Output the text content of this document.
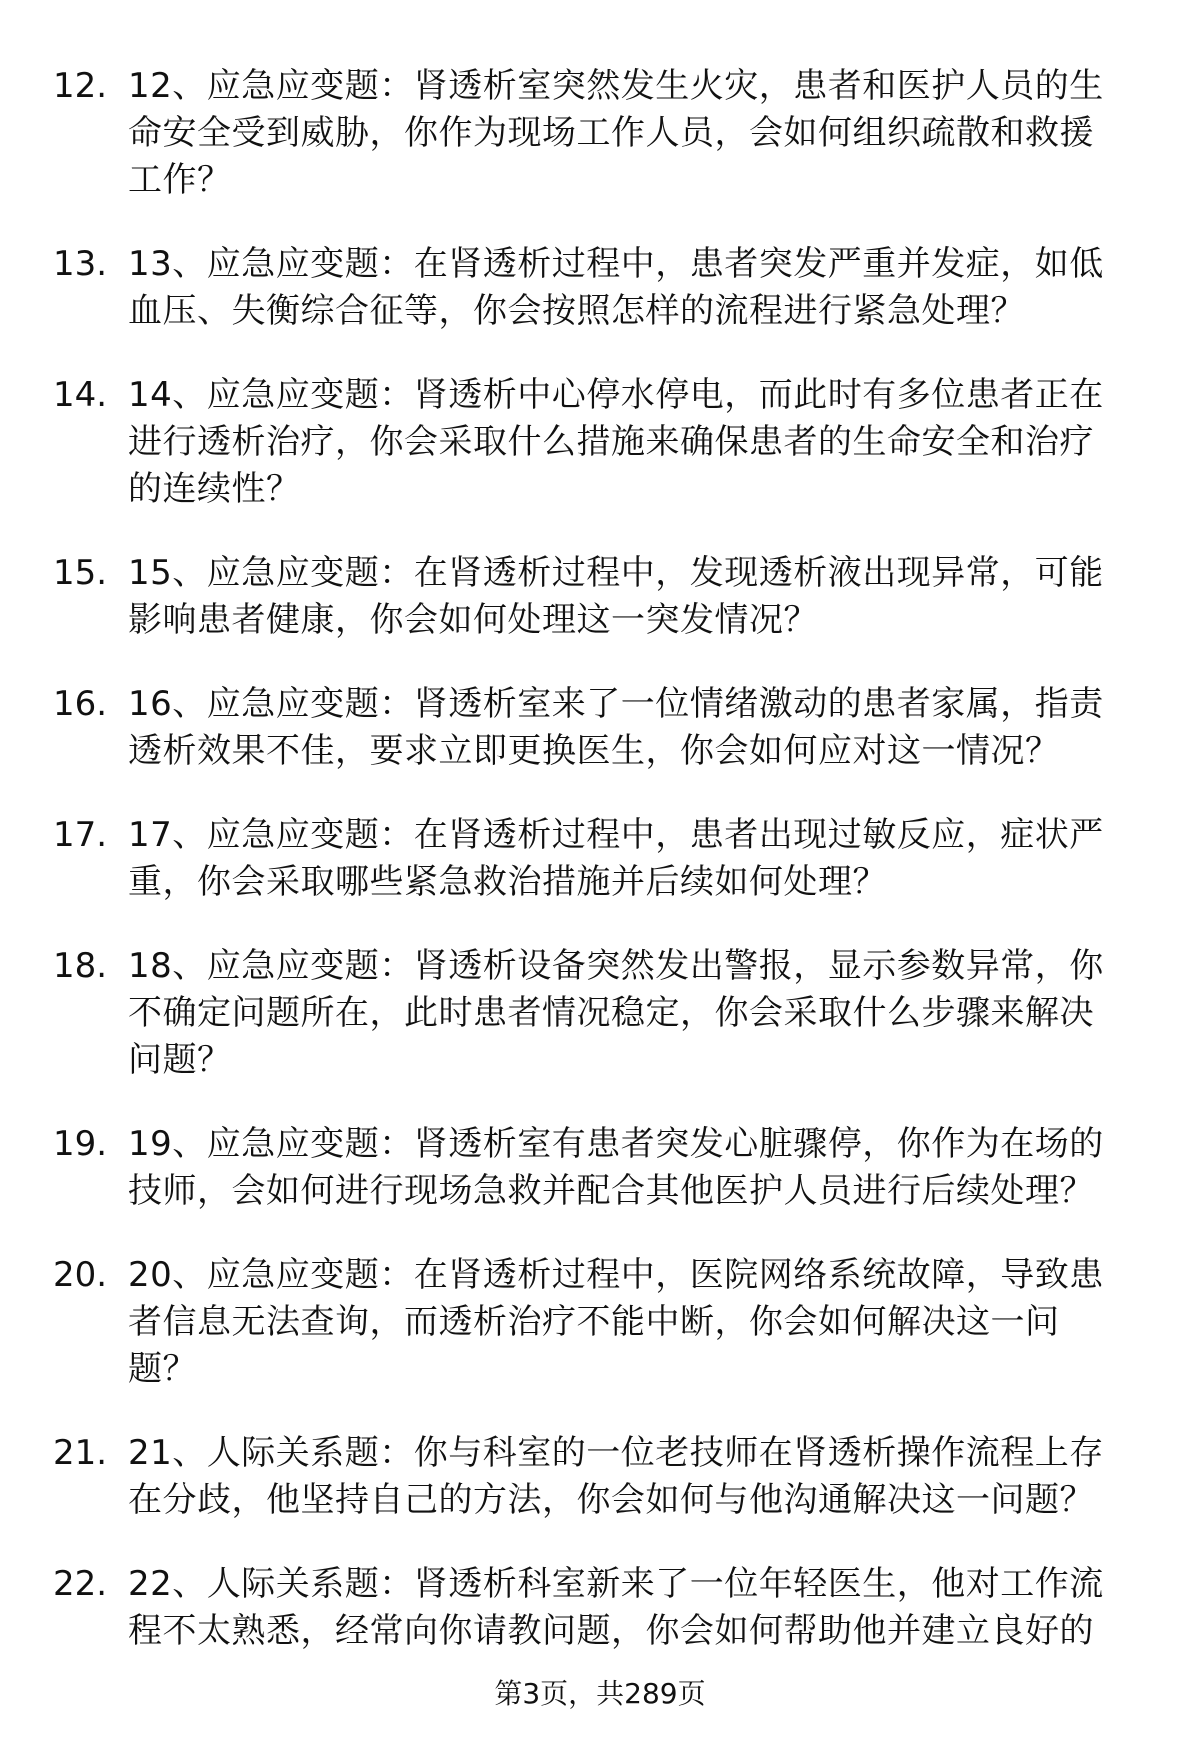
12. 12、应急应变题：肾透析室突然发生火灾，患者和医护人员的生
命安全受到威胁，你作为现场工作人员，会如何组织疏散和救援
工作？
13. 13、应急应变题：在肾透析过程中，患者突发严重并发症，如低
血压、失衡综合征等，你会按照怎样的流程进行紧急处理？
14. 14、应急应变题：肾透析中心停水停电，而此时有多位患者正在
进行透析治疗，你会采取什么措施来确保患者的生命安全和治疗
的连续性？
15. 15、应急应变题：在肾透析过程中，发现透析液出现异常，可能
影响患者健康，你会如何处理这一突发情况？
16. 16、应急应变题：肾透析室来了一位情绪激动的患者家属，指责
透析效果不佳，要求立即更换医生，你会如何应对这一情况？
17. 17、应急应变题：在肾透析过程中，患者出现过敏反应，症状严
重，你会采取哪些紧急救治措施并后续如何处理？
18. 18、应急应变题：肾透析设备突然发出警报，显示参数异常，你
不确定问题所在，此时患者情况稳定，你会采取什么步骤来解决
问题？
19. 19、应急应变题：肾透析室有患者突发心脏骤停，你作为在场的
技师，会如何进行现场急救并配合其他医护人员进行后续处理？
20. 20、应急应变题：在肾透析过程中，医院网络系统故障，导致患
者信息无法查询，而透析治疗不能中断，你会如何解决这一问
题？
21. 21、人际关系题：你与科室的一位老技师在肾透析操作流程上存
在分歧，他坚持自己的方法，你会如何与他沟通解决这一问题？
22. 22、人际关系题：肾透析科室新来了一位年轻医生，他对工作流
程不太熟悉，经常向你请教问题，你会如何帮助他并建立良好的
第3页，共289页
